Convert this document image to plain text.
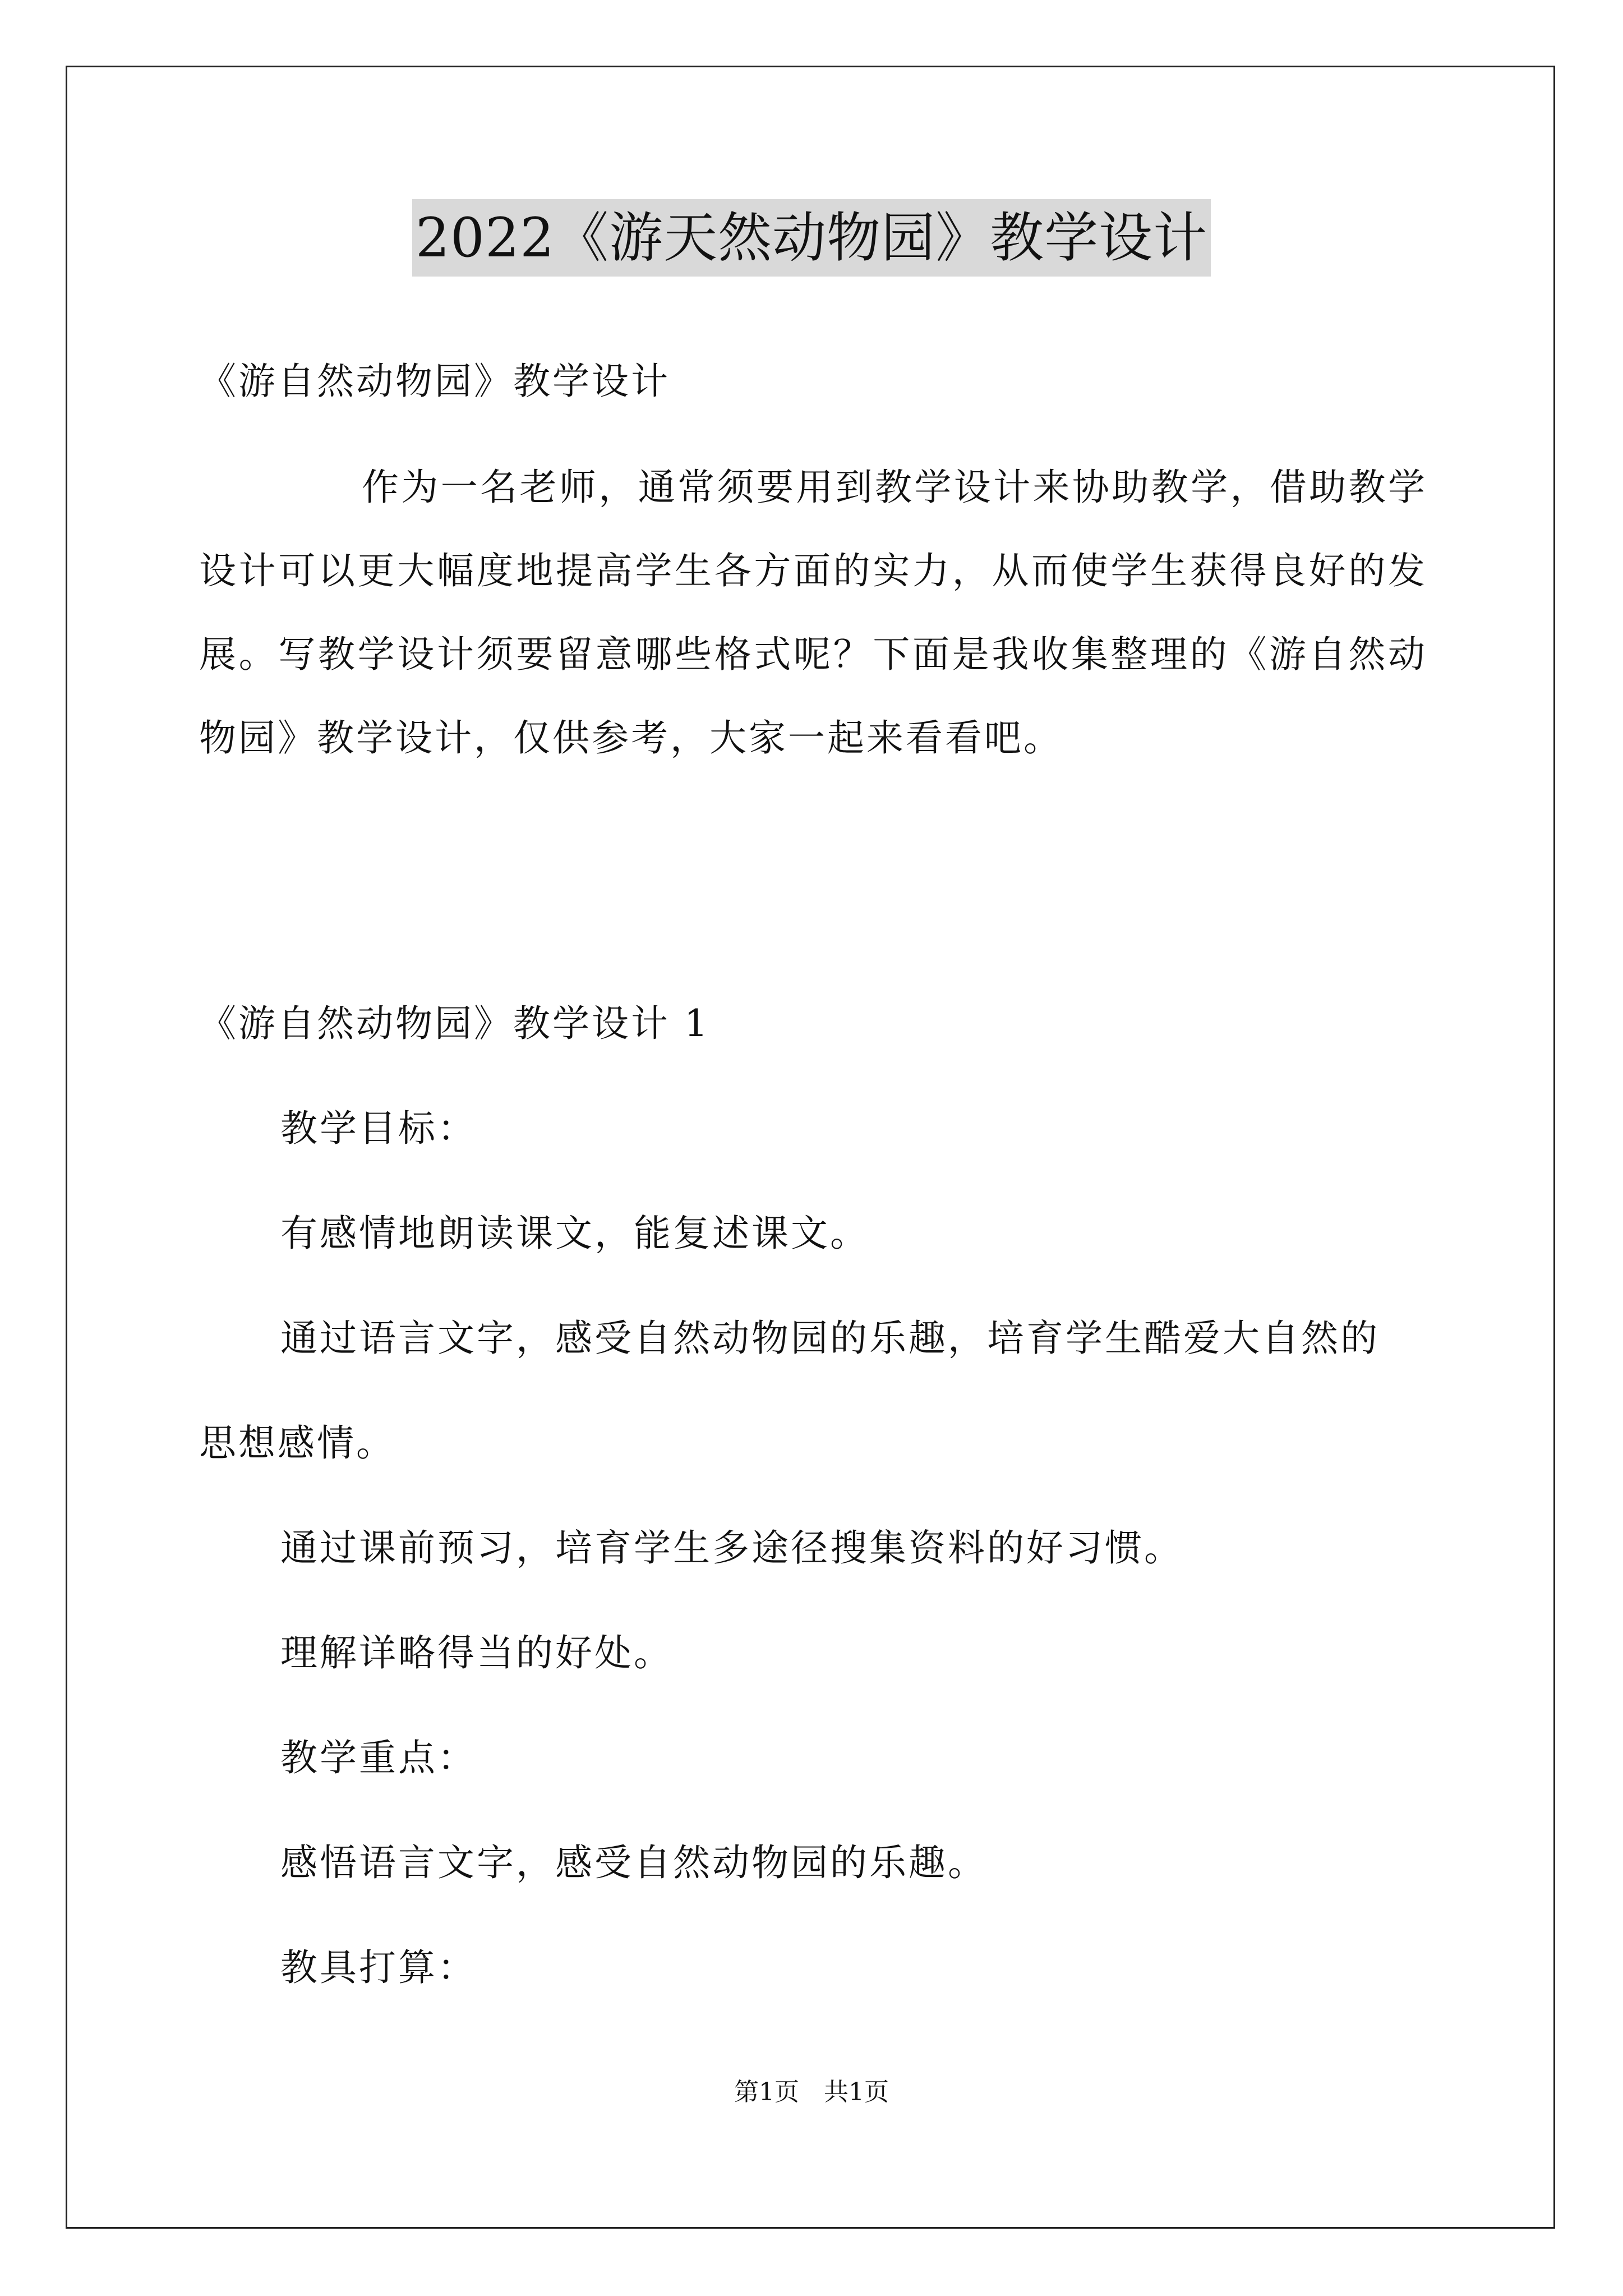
2022《游天然动物园》教学设计
《游自然动物园》教学设计

作为一名老师，通常须要用到教学设计来协助教学，借助教学设计可以更大幅度地提高学生各方面的实力，从而使学生获得良好的发展。写教学设计须要留意哪些格式呢？下面是我收集整理的《游自然动物园》教学设计，仅供参考，大家一起来看看吧。

《游自然动物园》教学设计 1
教学目标：
有感情地朗读课文，能复述课文。
通过语言文字，感受自然动物园的乐趣，培育学生酷爱大自然的
思想感情。
通过课前预习，培育学生多途径搜集资料的好习惯。
理解详略得当的好处。
教学重点：
感悟语言文字，感受自然动物园的乐趣。
教具打算：
第1页　共1页
